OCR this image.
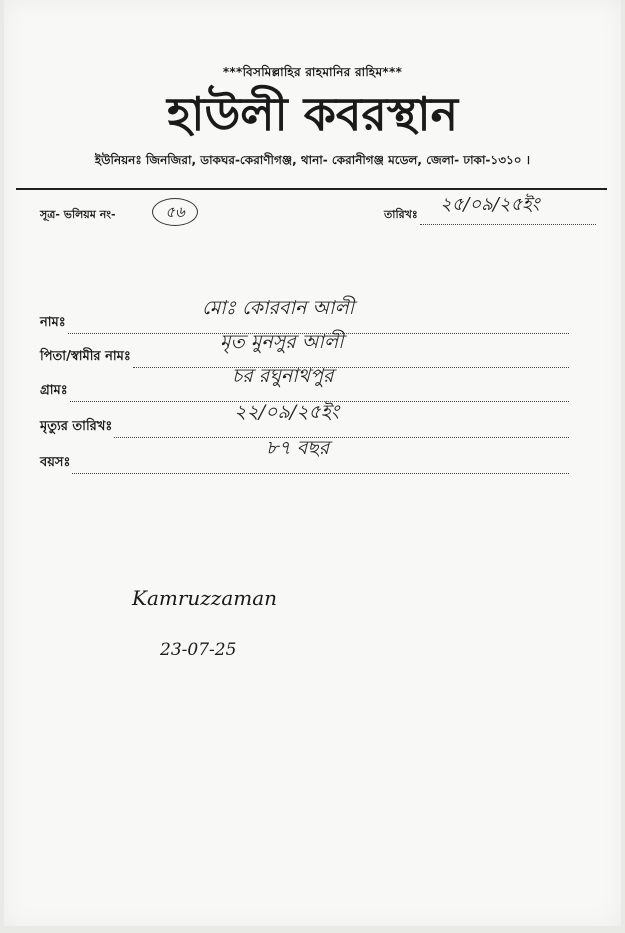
***বিসমিল্লাহির রাহমানির রাহিম***
হাউলী কবরস্থান
ইউনিয়নঃ জিনজিরা, ডাকঘর-কেরাণীগঞ্জ, থানা- কেরানীগঞ্জ মডেল, জেলা- ঢাকা-১৩১০ ।
সূত্র- ভলিয়ম নং-	৫৬	তারিখঃ ২৫/০৯/২৫ইং
নামঃ
মোঃ কোরবান আলী
পিতা/স্বামীর নামঃ
মৃত মুনসুর আলী
গ্রামঃ
চর রঘুনাথপুর
মৃত্যুর তারিখঃ
২২/০৯/২৫ইং
বয়সঃ
৮৭ বছর
Kamruzzaman
23-07-25
